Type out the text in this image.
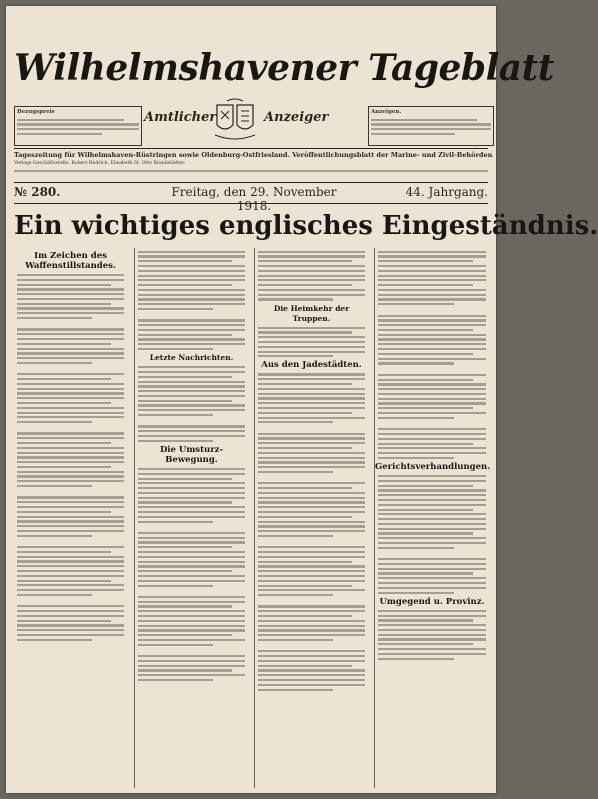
Wilhelmshavener Tageblatt
Bezugspreis	Amtlicher	Anzeiger	Anzeigen.
Tageszeitung für Wilhelmshaven-Rüstringen sowie Oldenburg-Ostfriesland. Veröffentlichungsblatt der Marine- und Zivil-Behörden
Verlags-Geschäftsstelle: Robert Hedrich. Elisabeth St. Otto Brandstädter.
№ 280.	Freitag, den 29. November 1918.
44. Jahrgang.
Ein wichtiges englisches Eingeständnis.
Im Zeichen des Waffenstillstandes.
Letzte Nachrichten.
Die Umsturz-Bewegung.
Die Heimkehr der Truppen.
Aus den Jadestädten.
Gerichtsverhandlungen.
Umgegend u. Provinz.
